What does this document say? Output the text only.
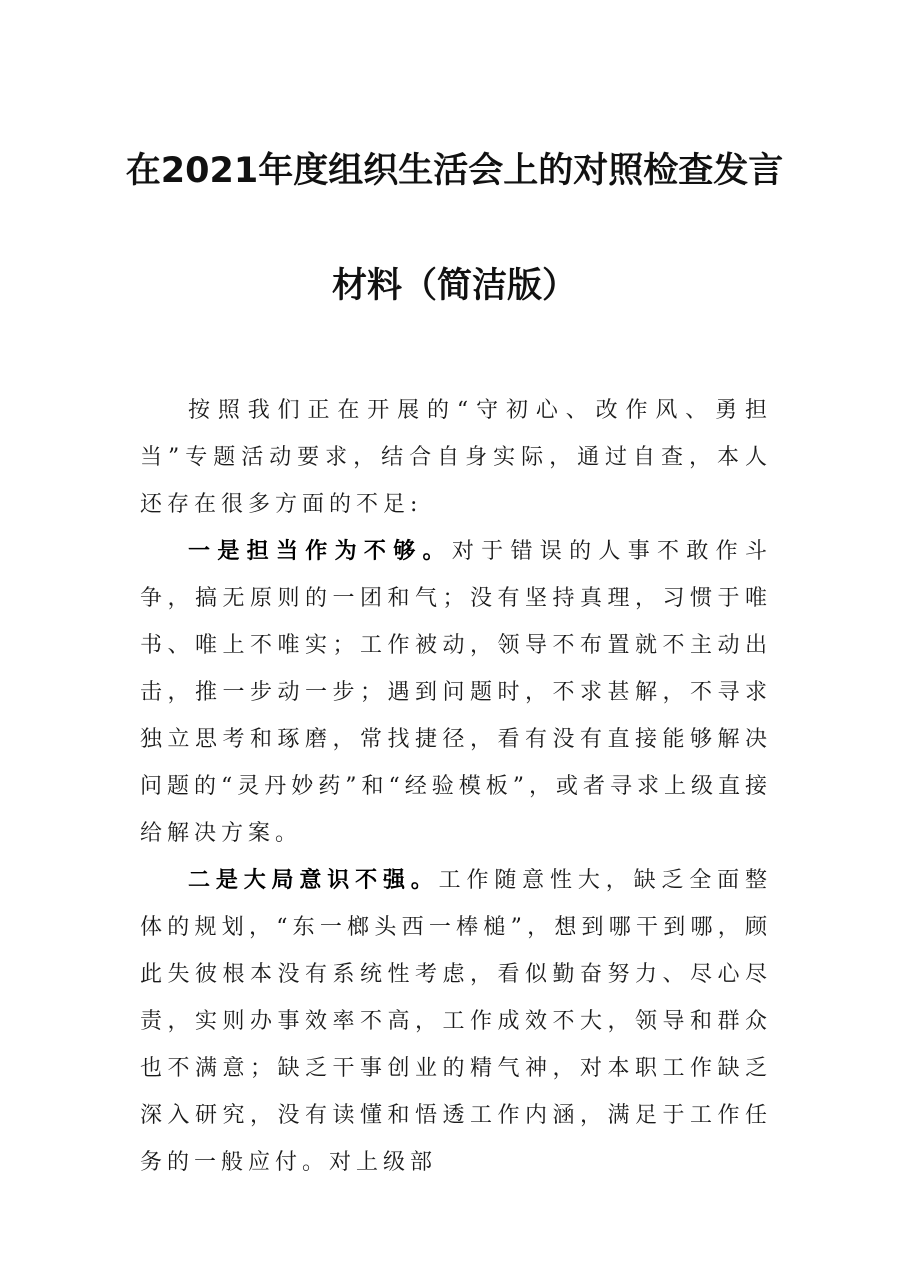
在2021年度组织生活会上的对照检查发言
材料（简洁版）

按照我们正在开展的“守初心、改作风、勇担当”专题活动要求，结合自身实际，通过自查，本人还存在很多方面的不足:

一是担当作为不够。对于错误的人事不敢作斗争，搞无原则的一团和气；没有坚持真理，习惯于唯书、唯上不唯实；工作被动，领导不布置就不主动出击，推一步动一步；遇到问题时，不求甚解，不寻求独立思考和琢磨，常找捷径，看有没有直接能够解决问题的“灵丹妙药”和“经验模板”，或者寻求上级直接给解决方案。

二是大局意识不强。工作随意性大，缺乏全面整体的规划，“东一榔头西一棒槌”，想到哪干到哪，顾此失彼根本没有系统性考虑，看似勤奋努力、尽心尽责，实则办事效率不高，工作成效不大，领导和群众也不满意；缺乏干事创业的精气神，对本职工作缺乏深入研究，没有读懂和悟透工作内涵，满足于工作任务的一般应付。对上级部
